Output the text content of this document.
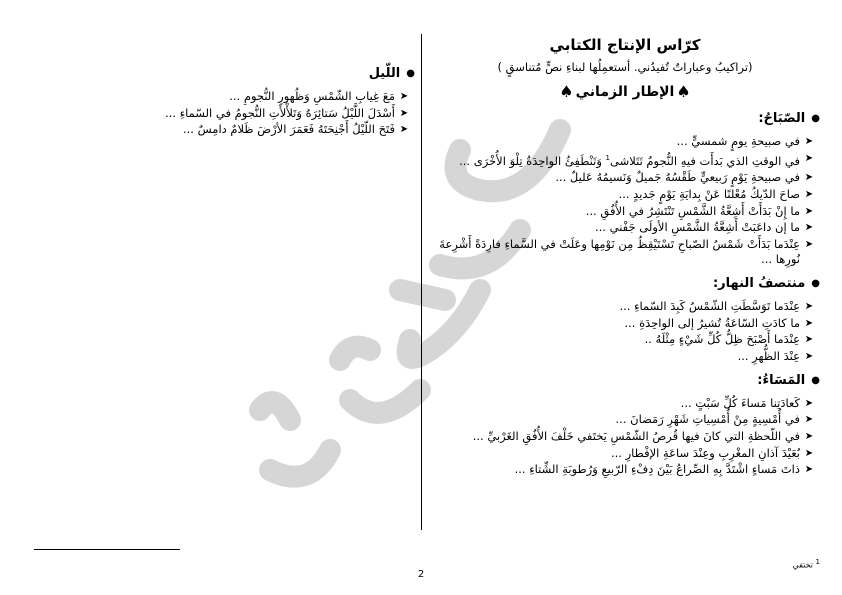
كرّاس الإنتاج الكتابي
(تراكيبُ وعباراتٌ تُفيدُني. أستعمِلُها لبناءِ نصٍّ مُتناسقٍ )
♠
الإطار الزماني
♠
●
الصّبَاحُ:
➤
في صبيحةِ يومٍ شمسيٍّ ...
➤
في الوقتِ الذي بَدأَت فيهِ النُّجومُ تَتَلاشى$^1$ وَتَنْطَفِئُ الواحِدَةُ تِلْوَ الأُخْرَى ...
➤
في صبيحةِ يَوْمٍ رَبيعيٍّ طَقْسُهُ جَميلٌ وَنَسيمُهُ عَليلٌ ...
➤
صاحَ الدّيكُ مُعْلنًا عَنْ بِدايَةِ يَوْمٍ جَديدٍ ...
➤
ما إِنْ بَدَأَتْ أَشِعَّةُ الشَّمْسِ تَنْتَشِرُ في الأُفُقِ ...
➤
ما إن داعَبَتْ أَشِعَّةُ الشَّمْسِ الأولَى جَفْني ...
➤
عِنْدَما بَدَأَتْ شَمْسُ الصّباحِ تَسْتَيْقِظُ مِن نَوْمِها وعَلَتْ في السَّماءِ فارِدَةً أَشْرِعةَ نُورِها ...
●
منتصفُ النهار:
➤
عِنْدَما تَوَسَّطَتِ الشّمْسُ كَبِدَ السّماءِ ...
➤
ما كادَتِ السّاعَةُ تُشيرُ إلى الواحِدَةِ ...
➤
عِنْدَما أَصْبَحَ ظِلُّ كُلِّ شَيْءٍ مِثْلَهُ ..
➤
عِنْدَ الظُّهرِ ...
●
المَسَاءُ:
➤
كَعادَتِنا مَساءَ كُلِّ سَبْتٍ ...
➤
في أُمْسِيةٍ مِنْ أُمْسِياتِ شَهْرِ رَمَضانَ ...
➤
في اللّحظةِ التي كانَ فيها قُرصُ الشّمْسِ يَختَفي خَلْفَ الأُفُقِ الغَرْبيِّ ...
➤
بُعَيْدَ آذانِ المغْرِبِ وعِنْدَ ساعَةِ الإفْطارِ ...
➤
ذاتَ مَساءٍ اشْتَدَّ بِهِ الصِّراعُ بَيْنَ دِفْءِ الرّبيعِ وَرُطوبَةِ الشِّتاءِ ...
●
اللّيل
➤
مَعَ غِيابِ الشّمْسِ وَظُهورِ النُّجومِ ...
➤
أَسْدَلَ اللَّيْلُ سَتائِرَهُ وَتَلأْلأَتِ النُّجومُ في السّماءِ ...
➤
فَتَحَ اللّيْلُ أَجْنِحَتَهُ فَعَمَرَ الأرْضَ ظَلامٌ دامِسٌ ...
$^1$ تختفي
2
